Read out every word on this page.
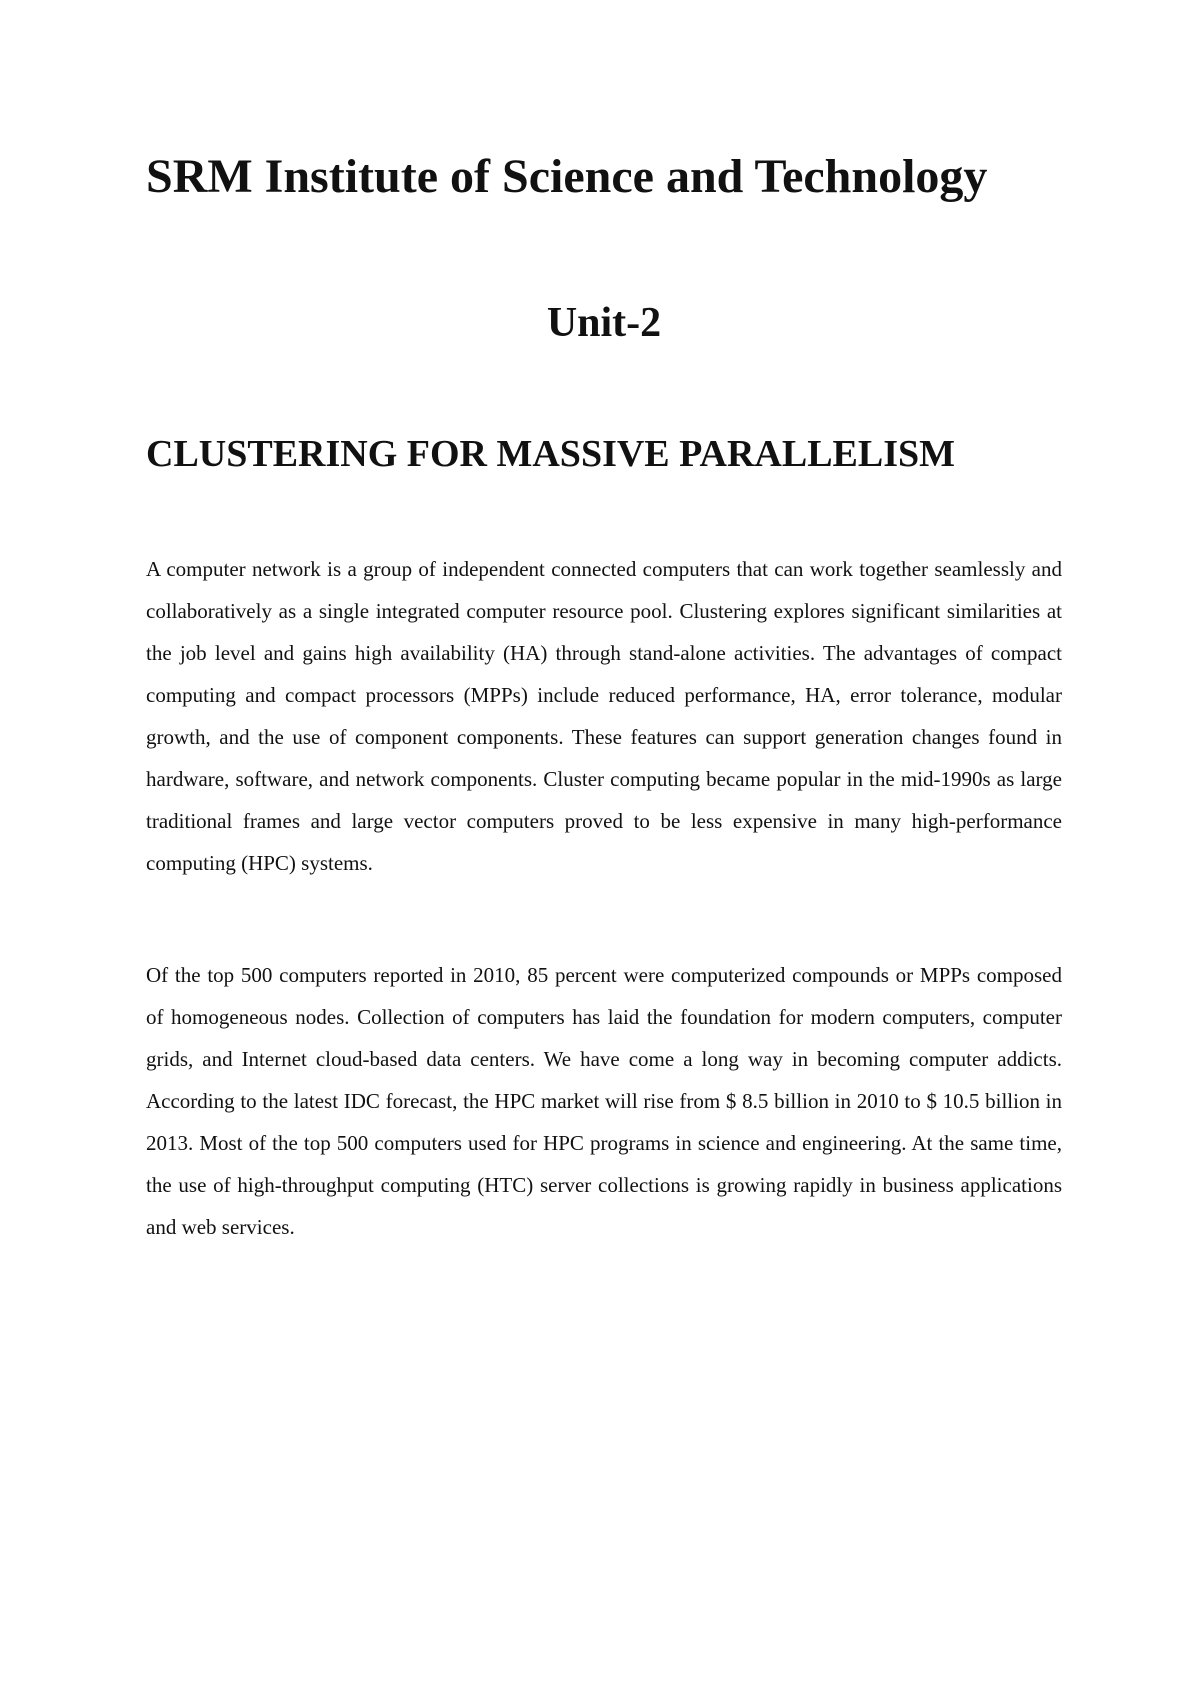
SRM Institute of Science and Technology
Unit-2
CLUSTERING FOR MASSIVE PARALLELISM

A computer network is a group of independent connected computers that can work together seamlessly and collaboratively as a single integrated computer resource pool. Clustering explores significant similarities at the job level and gains high availability (HA) through stand-alone activities. The advantages of compact computing and compact processors (MPPs) include reduced performance, HA, error tolerance, modular growth, and the use of component components. These features can support generation changes found in hardware, software, and network components. Cluster computing became popular in the mid-1990s as large traditional frames and large vector computers proved to be less expensive in many high-performance computing (HPC) systems.

Of the top 500 computers reported in 2010, 85 percent were computerized compounds or MPPs composed of homogeneous nodes. Collection of computers has laid the foundation for modern computers, computer grids, and Internet cloud-based data centers. We have come a long way in becoming computer addicts. According to the latest IDC forecast, the HPC market will rise from $ 8.5 billion in 2010 to $ 10.5 billion in 2013. Most of the top 500 computers used for HPC programs in science and engineering. At the same time, the use of high-throughput computing (HTC) server collections is growing rapidly in business applications and web services.
